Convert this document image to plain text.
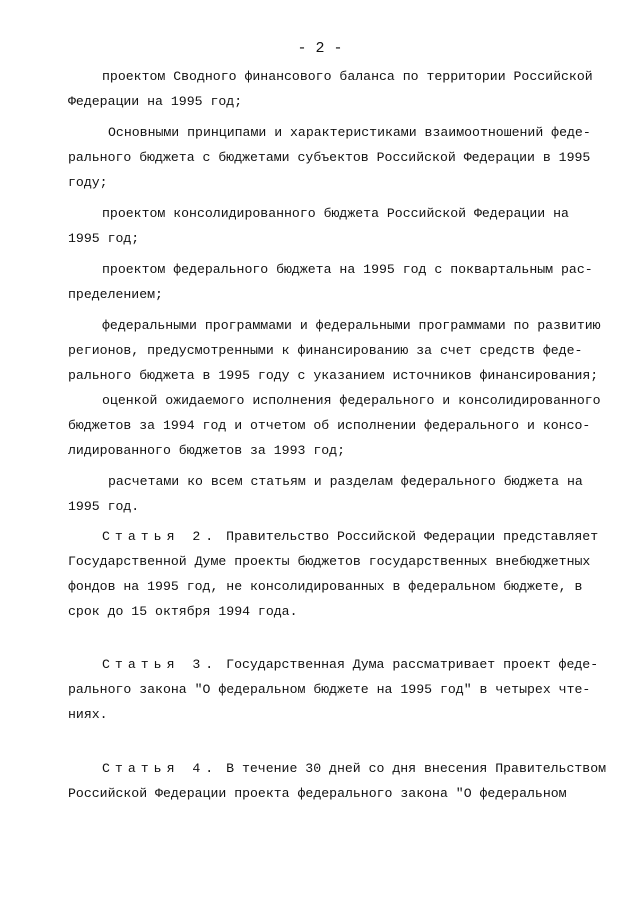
- 2 -
проектом Сводного финансового баланса по территории Российской
Федерации на 1995 год;
Основными принципами и характеристиками взаимоотношений феде-
рального бюджета с бюджетами субъектов Российской Федерации в 1995
году;
проектом консолидированного бюджета Российской Федерации на
1995 год;
проектом федерального бюджета на 1995 год с поквартальным рас-
пределением;
федеральными программами и федеральными программами по развитию
регионов, предусмотренными к финансированию за счет средств феде-
рального бюджета в 1995 году с указанием источников финансирования;
оценкой ожидаемого исполнения федерального и консолидированного
бюджетов за 1994 год и отчетом об исполнении федерального и консо-
лидированного бюджетов за 1993 год;
расчетами ко всем статьям и разделам федерального бюджета на
1995 год.
Статья 2. Правительство Российской Федерации представляет
Государственной Думе проекты бюджетов государственных внебюджетных
фондов на 1995 год, не консолидированных в федеральном бюджете, в
срок до 15 октября 1994 года.
Статья 3. Государственная Дума рассматривает проект феде-
рального закона "О федеральном бюджете на 1995 год" в четырех чте-
ниях.
Статья 4. В течение 30 дней со дня внесения Правительством
Российской Федерации проекта федерального закона "О федеральном
